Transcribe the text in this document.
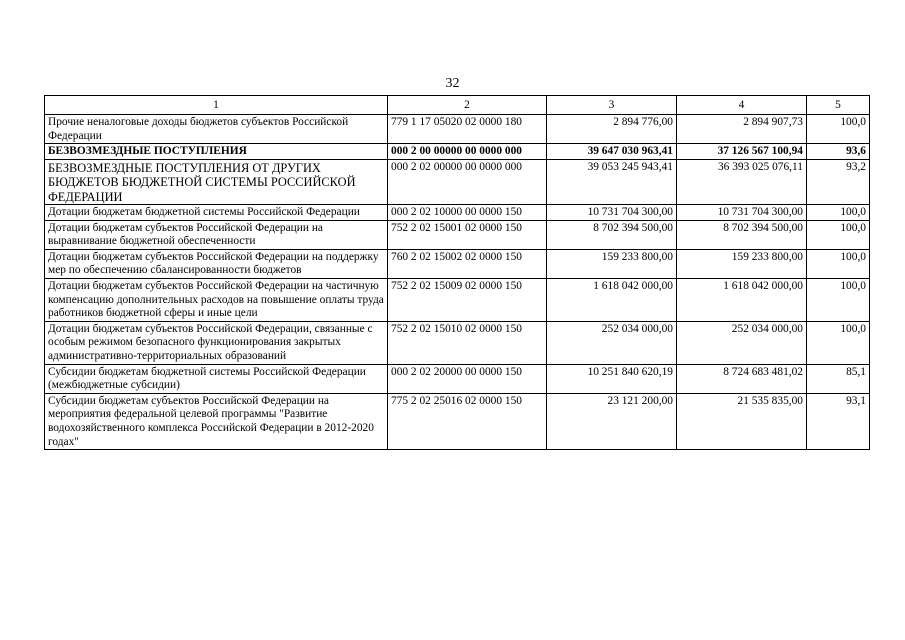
32
1	2	3	4	5
Прочие неналоговые доходы бюджетов субъектов Российской Федерации	779 1 17 05020 02 0000 180	2 894 776,00	2 894 907,73	100,0
БЕЗВОЗМЕЗДНЫЕ ПОСТУПЛЕНИЯ	000 2 00 00000 00 0000 000	39 647 030 963,41	37 126 567 100,94	93,6
БЕЗВОЗМЕЗДНЫЕ ПОСТУПЛЕНИЯ ОТ ДРУГИХ БЮДЖЕТОВ БЮДЖЕТНОЙ СИСТЕМЫ РОССИЙСКОЙ ФЕДЕРАЦИИ	000 2 02 00000 00 0000 000	39 053 245 943,41	36 393 025 076,11	93,2
Дотации бюджетам бюджетной системы Российской Федерации	000 2 02 10000 00 0000 150	10 731 704 300,00	10 731 704 300,00	100,0
Дотации бюджетам субъектов Российской Федерации на выравнивание бюджетной обеспеченности	752 2 02 15001 02 0000 150	8 702 394 500,00	8 702 394 500,00	100,0
Дотации бюджетам субъектов Российской Федерации на поддержку мер по обеспечению сбалансированности бюджетов	760 2 02 15002 02 0000 150	159 233 800,00	159 233 800,00	100,0
Дотации бюджетам субъектов Российской Федерации на частичную компенсацию дополнительных расходов на повышение оплаты труда работников бюджетной сферы и иные цели	752 2 02 15009 02 0000 150	1 618 042 000,00	1 618 042 000,00	100,0
Дотации бюджетам субъектов Российской Федерации, связанные с особым режимом безопасного функционирования закрытых административно-территориальных образований	752 2 02 15010 02 0000 150	252 034 000,00	252 034 000,00	100,0
Субсидии бюджетам бюджетной системы Российской Федерации (межбюджетные субсидии)	000 2 02 20000 00 0000 150	10 251 840 620,19	8 724 683 481,02	85,1
Субсидии бюджетам субъектов Российской Федерации на мероприятия федеральной целевой программы "Развитие водохозяйственного комплекса Российской Федерации в 2012-2020 годах"	775 2 02 25016 02 0000 150	23 121 200,00	21 535 835,00	93,1
